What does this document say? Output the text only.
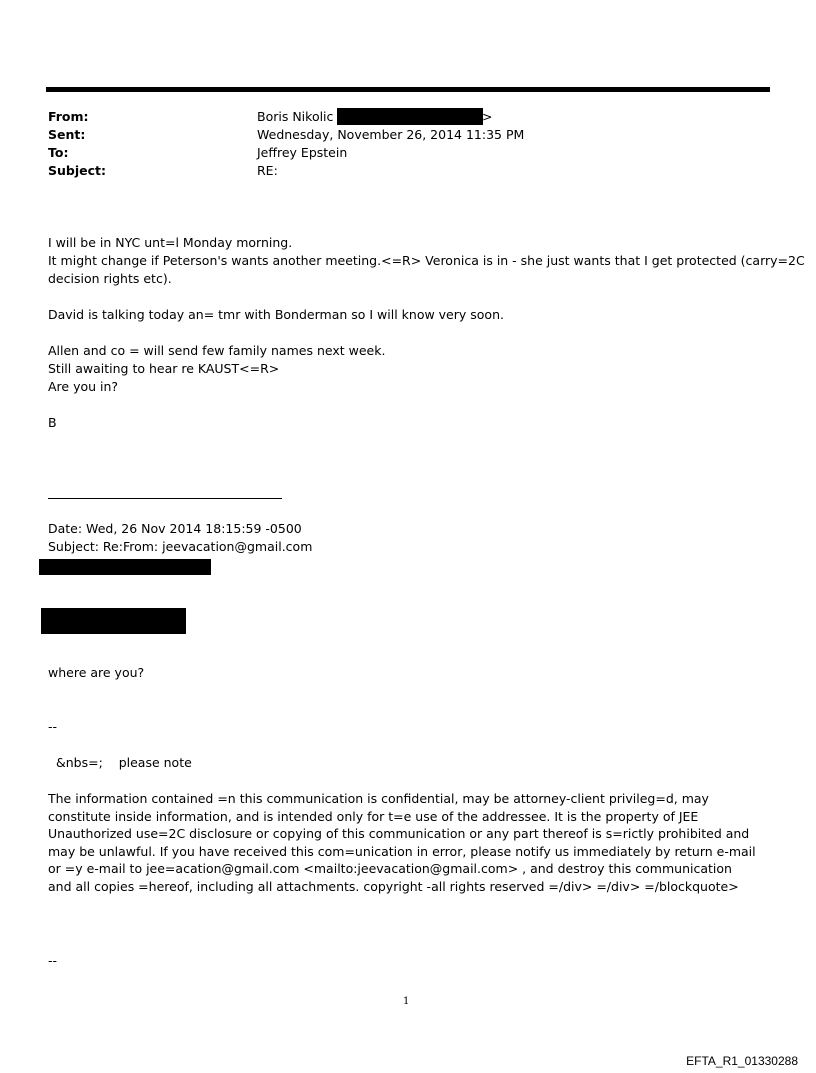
From:	Boris Nikolic	>
Sent:	Wednesday, November 26, 2014 11:35 PM
To:	Jeffrey Epstein
Subject:	RE:
I will be in NYC unt=l Monday morning.
It might change if Peterson's wants another meeting.<=R> Veronica is in - she just wants that I get protected (carry=2C
decision rights etc).
David is talking today an= tmr with Bonderman so I will know very soon.
Allen and co = will send few family names next week.
Still awaiting to hear re KAUST<=R>
Are you in?
B
Date: Wed, 26 Nov 2014 18:15:59 -0500
Subject: Re:From: jeevacation@gmail.com
where are you?
--
&nbs=;    please note
The information contained =n this communication is confidential, may be attorney-client privileg=d, may constitute inside information, and is intended only for t=e use of the addressee. It is the property of JEE Unauthorized use=2C disclosure or copying of this communication or any part thereof is s=rictly prohibited and may be unlawful. If you have received this com=unication in error, please notify us immediately by return e-mail or =y e-mail to jee=acation@gmail.com <mailto:jeevacation@gmail.com> , and destroy this communication and all copies =hereof, including all attachments. copyright -all rights reserved =/div> =/div> =/blockquote>
--
1
EFTA_R1_01330288
